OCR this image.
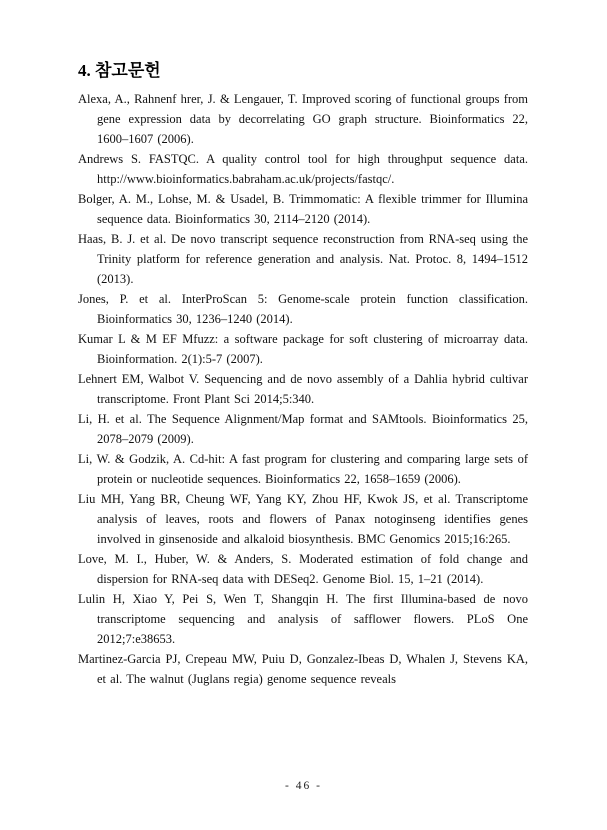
4. 참고문헌

Alexa, A., Rahnenf hrer, J. & Lengauer, T. Improved scoring of functional groups from gene expression data by decorrelating GO graph structure. Bioinformatics 22, 1600–1607 (2006).

Andrews S. FASTQC. A quality control tool for high throughput sequence data. http://www.bioinformatics.babraham.ac.uk/projects/fastqc/.

Bolger, A. M., Lohse, M. & Usadel, B. Trimmomatic: A flexible trimmer for Illumina sequence data. Bioinformatics 30, 2114–2120 (2014).

Haas, B. J. et al. De novo transcript sequence reconstruction from RNA-seq using the Trinity platform for reference generation and analysis. Nat. Protoc. 8, 1494–1512 (2013).

Jones, P. et al. InterProScan 5: Genome-scale protein function classification. Bioinformatics 30, 1236–1240 (2014).

Kumar L & M EF Mfuzz: a software package for soft clustering of microarray data. Bioinformation. 2(1):5-7 (2007).

Lehnert EM, Walbot V. Sequencing and de novo assembly of a Dahlia hybrid cultivar transcriptome. Front Plant Sci 2014;5:340.

Li, H. et al. The Sequence Alignment/Map format and SAMtools. Bioinformatics 25, 2078–2079 (2009).

Li, W. & Godzik, A. Cd-hit: A fast program for clustering and comparing large sets of protein or nucleotide sequences. Bioinformatics 22, 1658–1659 (2006).

Liu MH, Yang BR, Cheung WF, Yang KY, Zhou HF, Kwok JS, et al. Transcriptome analysis of leaves, roots and flowers of Panax notoginseng identifies genes involved in ginsenoside and alkaloid biosynthesis. BMC Genomics 2015;16:265.

Love, M. I., Huber, W. & Anders, S. Moderated estimation of fold change and dispersion for RNA-seq data with DESeq2. Genome Biol. 15, 1–21 (2014).

Lulin H, Xiao Y, Pei S, Wen T, Shangqin H. The first Illumina-based de novo transcriptome sequencing and analysis of safflower flowers. PLoS One 2012;7:e38653.

Martinez-Garcia PJ, Crepeau MW, Puiu D, Gonzalez-Ibeas D, Whalen J, Stevens KA, et al. The walnut (Juglans regia) genome sequence reveals

- 46 -
